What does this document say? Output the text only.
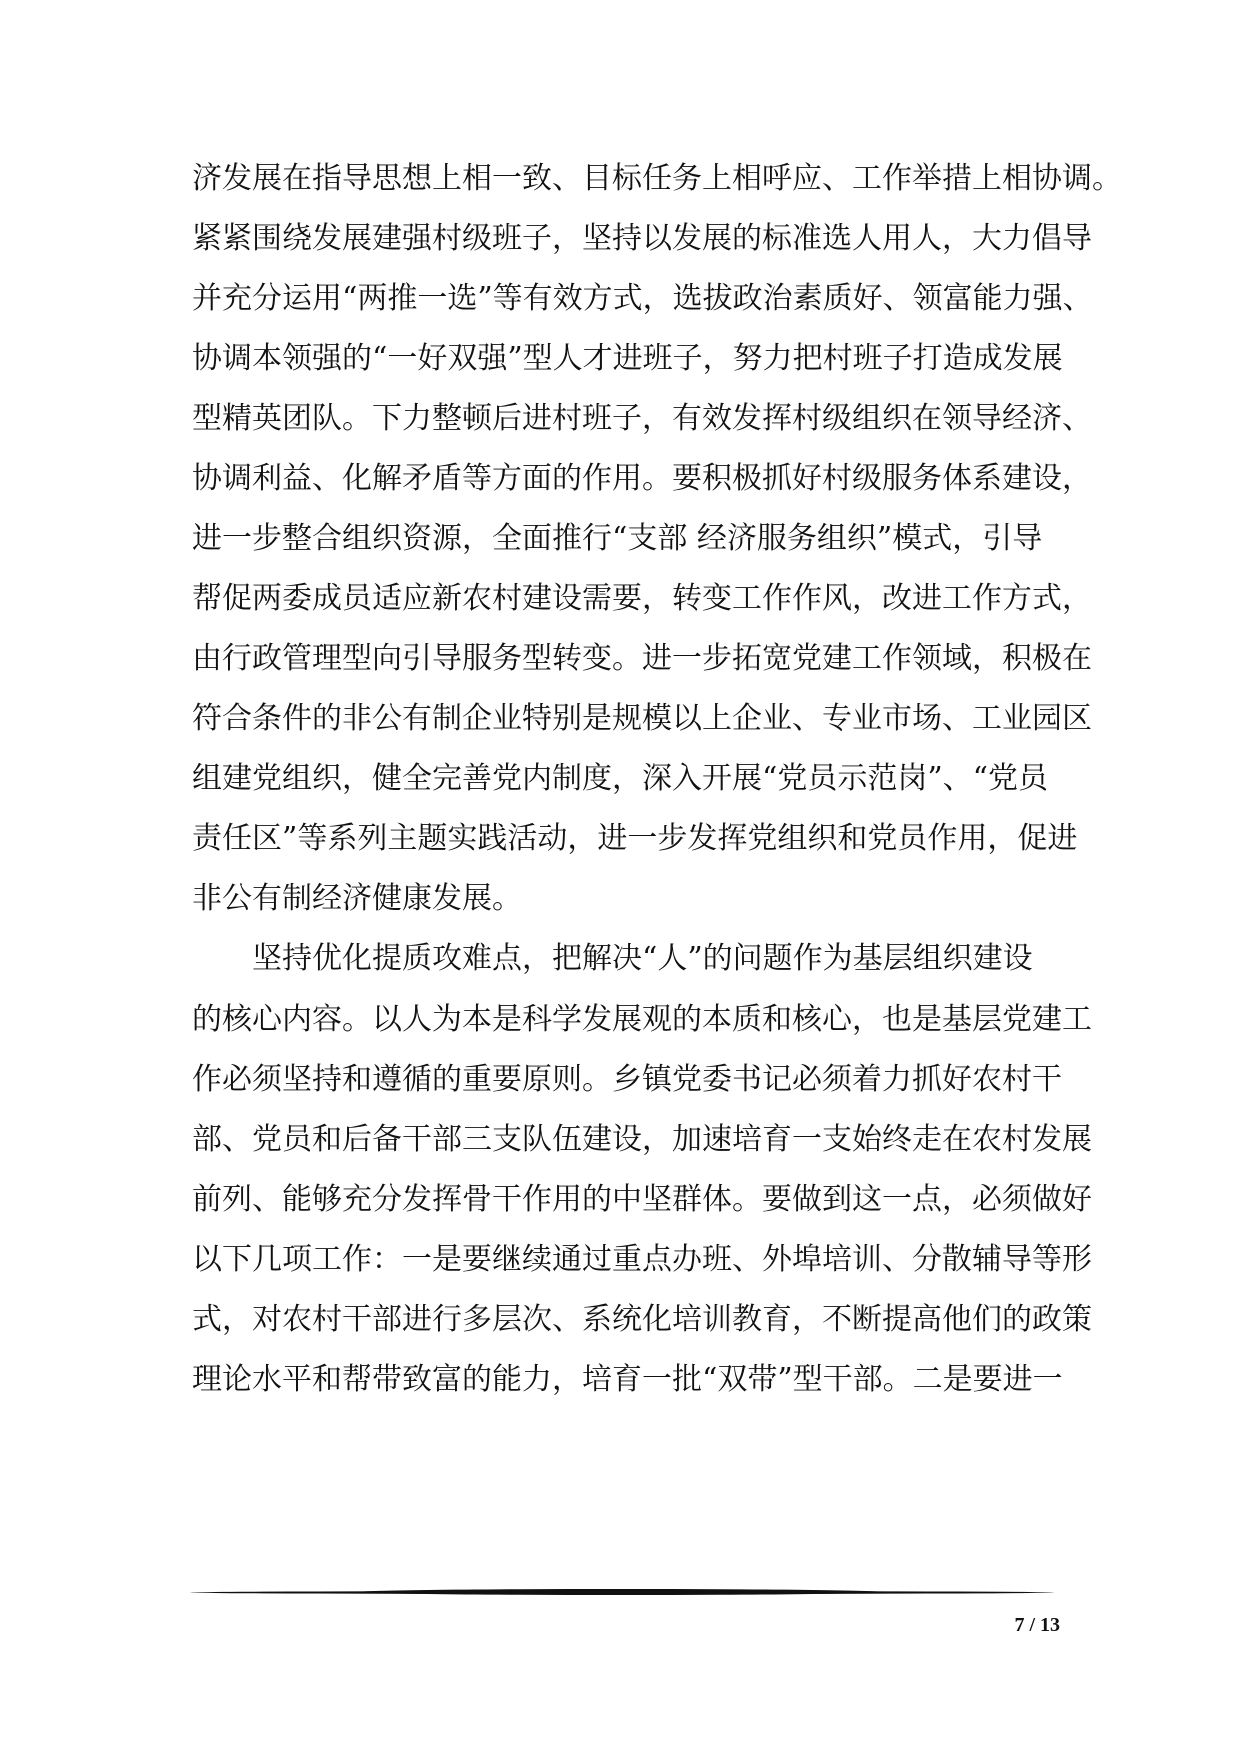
济发展在指导思想上相一致、目标任务上相呼应、工作举措上相协调。
紧紧围绕发展建强村级班子，坚持以发展的标准选人用人，大力倡导
并充分运用“两推一选”等有效方式，选拔政治素质好、领富能力强、
协调本领强的“一好双强”型人才进班子，努力把村班子打造成发展
型精英团队。下力整顿后进村班子，有效发挥村级组织在领导经济、
协调利益、化解矛盾等方面的作用。要积极抓好村级服务体系建设，
进一步整合组织资源，全面推行“支部 经济服务组织”模式，引导
帮促两委成员适应新农村建设需要，转变工作作风，改进工作方式，
由行政管理型向引导服务型转变。进一步拓宽党建工作领域，积极在
符合条件的非公有制企业特别是规模以上企业、专业市场、工业园区
组建党组织，健全完善党内制度，深入开展“党员示范岗”、“党员
责任区”等系列主题实践活动，进一步发挥党组织和党员作用，促进
非公有制经济健康发展。
　　坚持优化提质攻难点，把解决“人”的问题作为基层组织建设
的核心内容。以人为本是科学发展观的本质和核心，也是基层党建工
作必须坚持和遵循的重要原则。乡镇党委书记必须着力抓好农村干
部、党员和后备干部三支队伍建设，加速培育一支始终走在农村发展
前列、能够充分发挥骨干作用的中坚群体。要做到这一点，必须做好
以下几项工作：一是要继续通过重点办班、外埠培训、分散辅导等形
式，对农村干部进行多层次、系统化培训教育，不断提高他们的政策
理论水平和帮带致富的能力，培育一批“双带”型干部。二是要进一
7 / 13
